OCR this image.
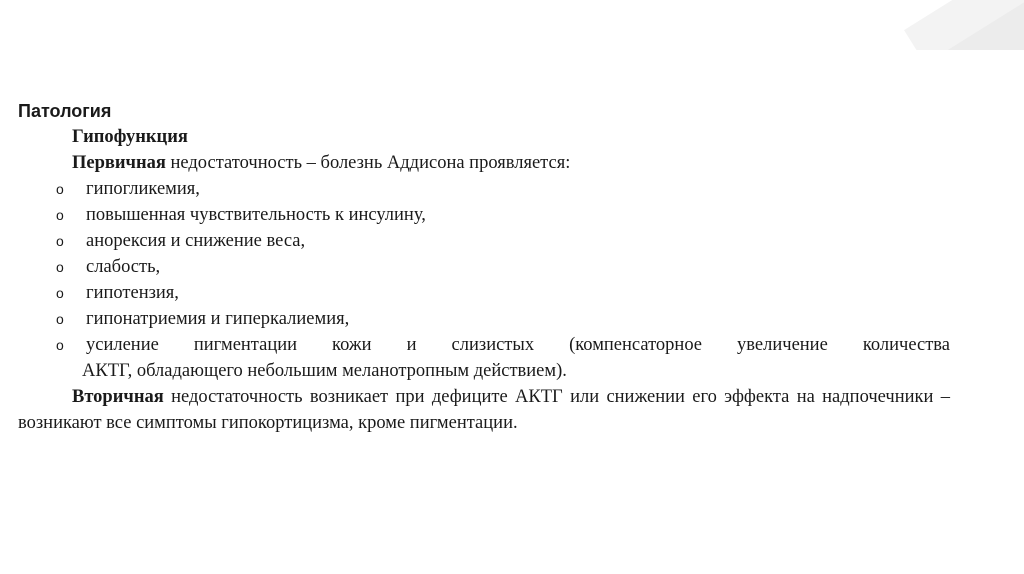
Патология

Гипофункция

Первичная недостаточность – болезнь Аддисона проявляется:

o гипогликемия,
o повышенная чувствительность к инсулину,
o анорексия и снижение веса,
o слабость,
o гипотензия,
o гипонатриемия и гиперкалиемия,
o усиление пигментации кожи и слизистых (компенсаторное увеличение количества
АКТГ, обладающего небольшим меланотропным действием).

Вторичная недостаточность возникает при дефиците АКТГ или снижении его эффекта на надпочечники – возникают все симптомы гипокортицизма, кроме пигментации.
